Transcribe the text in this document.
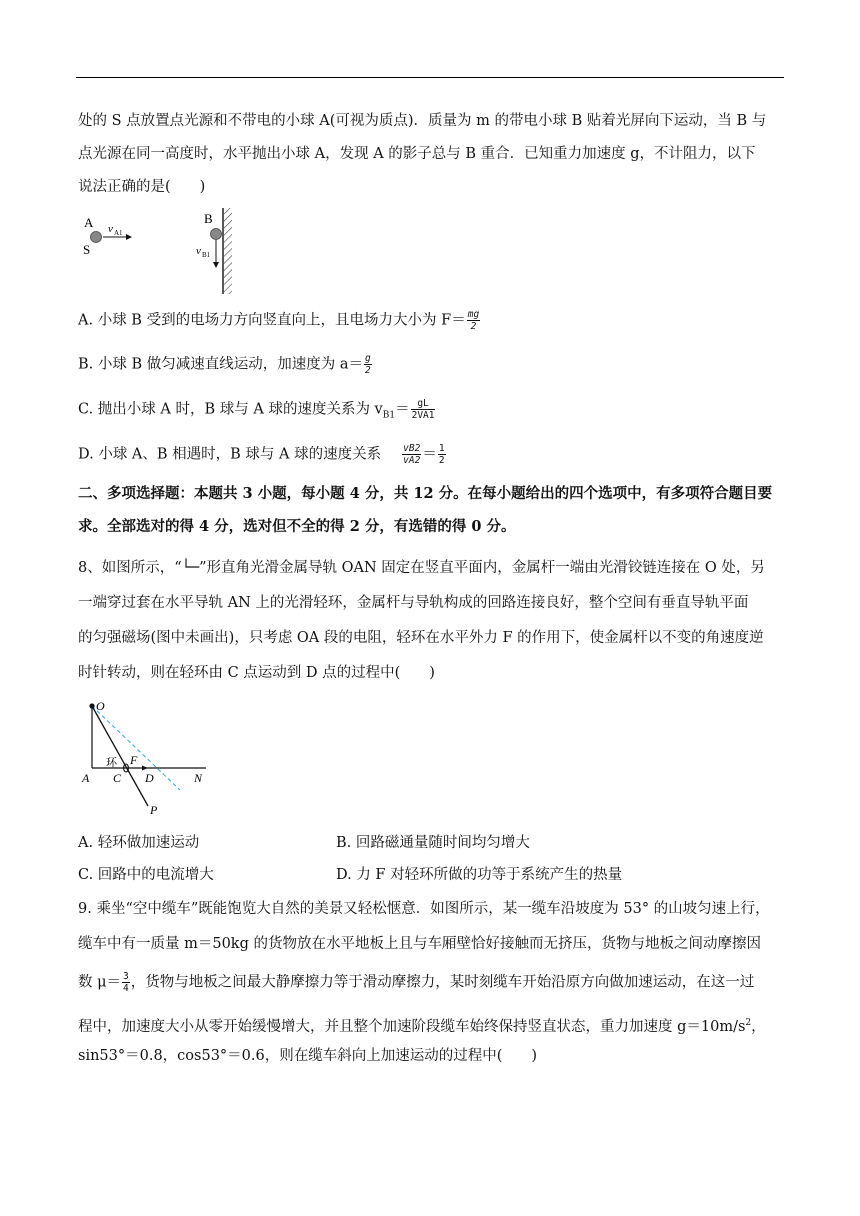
处的 S 点放置点光源和不带电的小球 A(可视为质点)．质量为 m 的带电小球 B 贴着光屏向下运动，当 B 与
点光源在同一高度时，水平抛出小球 A，发现 A 的影子总与 B 重合．已知重力加速度 g，不计阻力，以下
说法正确的是(　　)
A
S
v A1
B
v B1
A. 小球 B 受到的电场力方向竖直向上，且电场力大小为 $F= \frac{mg}{2}$
B. 小球 B 做匀减速直线运动，加速度为 $a= \frac{g}{2}$
C. 抛出小球 A 时，B 球与 A 球的速度关系为 $v_{B1}= \frac{gL}{2VA1}$
D. 小球 A、B 相遇时，B 球与 A 球的速度关系 $\frac{vB2}{vA2} = \frac{1}{2}$
二、多项选择题：本题共 3 小题，每小题 4 分，共 12 分。在每小题给出的四个选项中，有多项符合题目要
求。全部选对的得 4 分，选对但不全的得 2 分，有选错的得 0 分。
8、如图所示，“└─”形直角光滑金属导轨 OAN 固定在竖直平面内，金属杆一端由光滑铰链连接在 O 处，另
一端穿过套在水平导轨 AN 上的光滑轻环，金属杆与导轨构成的回路连接良好，整个空间有垂直导轨平面
的匀强磁场(图中未画出)，只考虑 OA 段的电阻，轻环在水平外力 F 的作用下，使金属杆以不变的角速度逆
时针转动，则在轻环由 C 点运动到 D 点的过程中(　　)
O
环 F
A C D	N
P
A. 轻环做加速运动	B. 回路磁通量随时间均匀增大
C. 回路中的电流增大	D. 力 F 对轻环所做的功等于系统产生的热量
9. 乘坐“空中缆车”既能饱览大自然的美景又轻松惬意．如图所示，某一缆车沿坡度为 53° 的山坡匀速上行，
缆车中有一质量 m＝50kg 的货物放在水平地板上且与车厢壁恰好接触而无挤压，货物与地板之间动摩擦因
数 $\mu= \frac{3}{4}$ ，货物与地板之间最大静摩擦力等于滑动摩擦力，某时刻缆车开始沿原方向做加速运动，在这一过
程中，加速度大小从零开始缓慢增大，并且整个加速阶段缆车始终保持竖直状态，重力加速度 $g=10m/s^2$，
sin53°＝0.8，cos53°＝0.6，则在缆车斜向上加速运动的过程中(　　)
